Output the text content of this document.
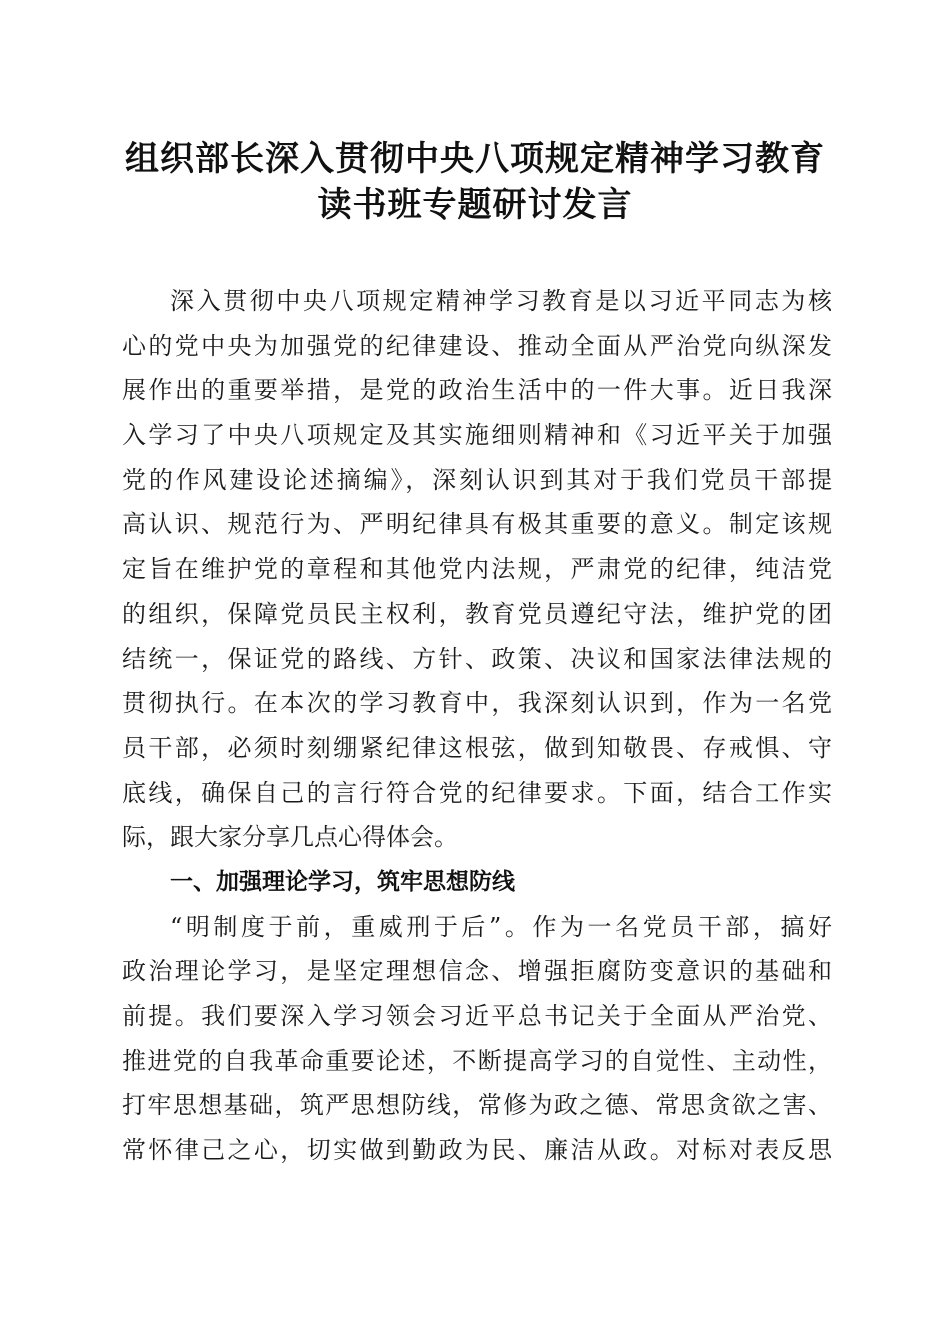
组织部长深入贯彻中央八项规定精神学习教育
读书班专题研讨发言
深入贯彻中央八项规定精神学习教育是以习近平同志为核
心的党中央为加强党的纪律建设、推动全面从严治党向纵深发
展作出的重要举措，是党的政治生活中的一件大事。近日我深
入学习了中央八项规定及其实施细则精神和《习近平关于加强
党的作风建设论述摘编》，深刻认识到其对于我们党员干部提
高认识、规范行为、严明纪律具有极其重要的意义。制定该规
定旨在维护党的章程和其他党内法规，严肃党的纪律，纯洁党
的组织，保障党员民主权利，教育党员遵纪守法，维护党的团
结统一，保证党的路线、方针、政策、决议和国家法律法规的
贯彻执行。在本次的学习教育中，我深刻认识到，作为一名党
员干部，必须时刻绷紧纪律这根弦，做到知敬畏、存戒惧、守
底线，确保自己的言行符合党的纪律要求。下面，结合工作实
际，跟大家分享几点心得体会。
一、加强理论学习，筑牢思想防线
“明制度于前，重威刑于后”。作为一名党员干部，搞好
政治理论学习，是坚定理想信念、增强拒腐防变意识的基础和
前提。我们要深入学习领会习近平总书记关于全面从严治党、
推进党的自我革命重要论述，不断提高学习的自觉性、主动性，
打牢思想基础，筑严思想防线，常修为政之德、常思贪欲之害、
常怀律己之心，切实做到勤政为民、廉洁从政。对标对表反思
